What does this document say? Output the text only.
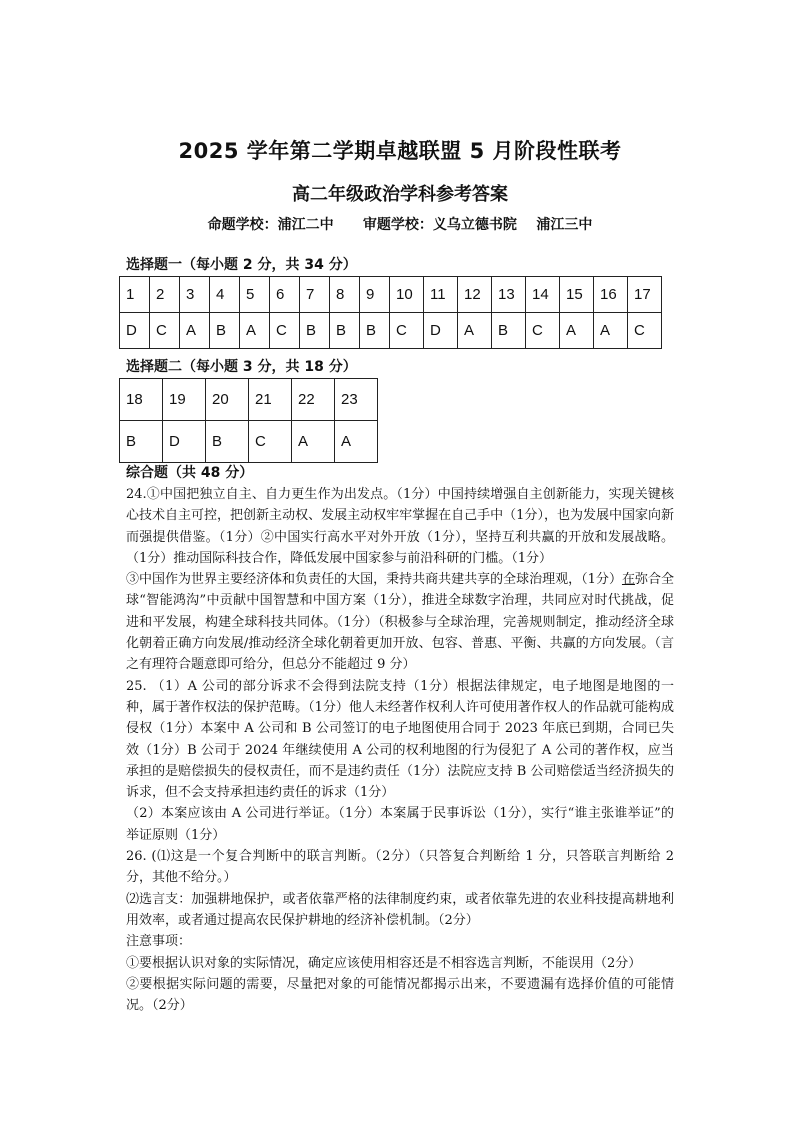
2025 学年第二学期卓越联盟 5 月阶段性联考
高二年级政治学科参考答案
命题学校：浦江二中      审题学校：义乌立德书院    浦江三中
选择题一（每小题 2 分，共 34 分）
1	2	3	4	5	6	7	8	9	10	11	12	13	14	15	16	17
D	C	A	B	A	C	B	B	B	C	D	A	B	C	A	A	C
选择题二（每小题 3 分，共 18 分）
18	19	20	21	22	23
B	D	B	C	A	A
综合题（共 48 分）

24.①中国把独立自主、自力更生作为出发点。（1分）中国持续增强自主创新能力，实现关键核心技术自主可控，把创新主动权、发展主动权牢牢掌握在自己手中（1分），也为发展中国家向新而强提供借鉴。（1分）②中国实行高水平对外开放（1分），坚持互利共赢的开放和发展战略。（1分）推动国际科技合作，降低发展中国家参与前沿科研的门槛。（1分）

③中国作为世界主要经济体和负责任的大国，秉持共商共建共享的全球治理观，（1分）在弥合全球“智能鸿沟”中贡献中国智慧和中国方案（1分），推进全球数字治理，共同应对时代挑战，促进和平发展，构建全球科技共同体。（1分）（积极参与全球治理，完善规则制定，推动经济全球化朝着正确方向发展/推动经济全球化朝着更加开放、包容、普惠、平衡、共赢的方向发展。（言之有理符合题意即可给分，但总分不能超过 9 分）

25. （1）A 公司的部分诉求不会得到法院支持（1分）根据法律规定，电子地图是地图的一种，属于著作权法的保护范畴。（1分）他人未经著作权利人许可使用著作权人的作品就可能构成侵权（1分）本案中 A 公司和 B 公司签订的电子地图使用合同于 2023 年底已到期，合同已失效（1分）B 公司于 2024 年继续使用 A 公司的权利地图的行为侵犯了 A 公司的著作权，应当承担的是赔偿损失的侵权责任，而不是违约责任（1分）法院应支持 B 公司赔偿适当经济损失的诉求，但不会支持承担违约责任的诉求（1分）

（2）本案应该由 A 公司进行举证。（1分）本案属于民事诉讼（1分），实行“谁主张谁举证”的举证原则（1分）

26. (⑴这是一个复合判断中的联言判断。（2分）（只答复合判断给 1 分，只答联言判断给 2 分，其他不给分。）

⑵选言支：加强耕地保护，或者依靠严格的法律制度约束，或者依靠先进的农业科技提高耕地利用效率，或者通过提高农民保护耕地的经济补偿机制。（2分）

注意事项：

①要根据认识对象的实际情况，确定应该使用相容还是不相容选言判断，不能误用（2分）

②要根据实际问题的需要，尽量把对象的可能情况都揭示出来，不要遗漏有选择价值的可能情况。（2分）
